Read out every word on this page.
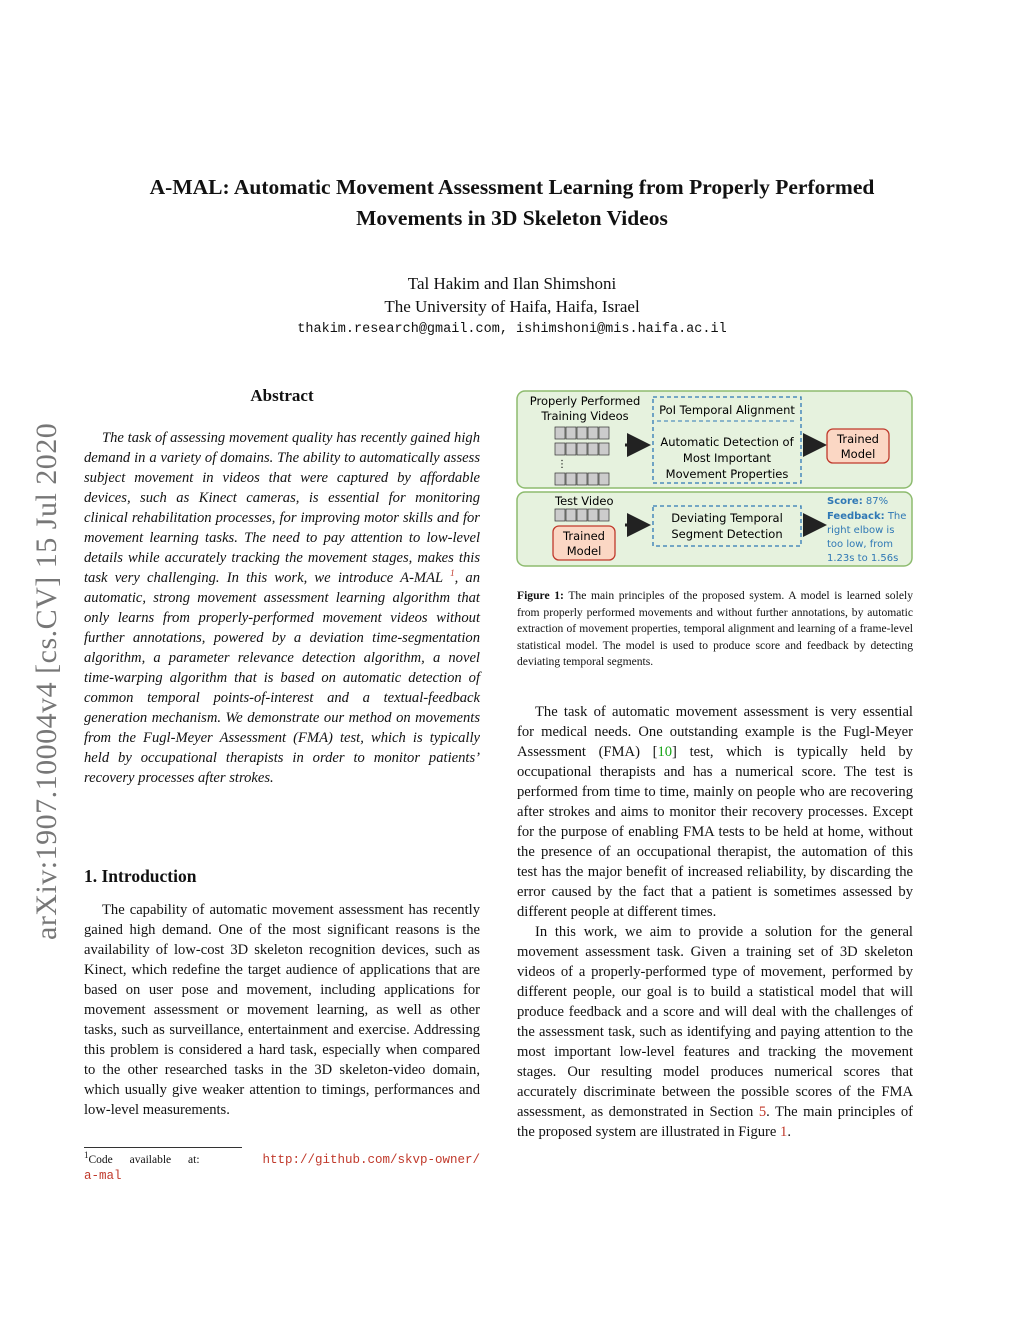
A-MAL: Automatic Movement Assessment Learning from Properly Performed
Movements in 3D Skeleton Videos
Tal Hakim and Ilan Shimshoni
The University of Haifa, Haifa, Israel
thakim.research@gmail.com, ishimshoni@mis.haifa.ac.il
arXiv:1907.10004v4 [cs.CV] 15 Jul 2020
Abstract

The task of assessing movement quality has recently gained high demand in a variety of domains. The ability to automatically assess subject movement in videos that were captured by affordable devices, such as Kinect cameras, is essential for monitoring clinical rehabilitation processes, for improving motor skills and for movement learning tasks. The need to pay attention to low-level details while accurately tracking the movement stages, makes this task very challenging. In this work, we introduce A-MAL $^1$, an automatic, strong movement assessment learning algorithm that only learns from properly-performed movement videos without further annotations, powered by a deviation time-segmentation algorithm, a parameter relevance detection algorithm, a novel time-warping algorithm that is based on automatic detection of common temporal points-of-interest and a textual-feedback generation mechanism. We demonstrate our method on movements from the Fugl-Meyer Assessment (FMA) test, which is typically held by occupational therapists in order to monitor patients’ recovery processes after strokes.

1. Introduction

The capability of automatic movement assessment has recently gained high demand. One of the most significant reasons is the availability of low-cost 3D skeleton recognition devices, such as Kinect, which redefine the target audience of applications that are based on user pose and movement, including applications for movement assessment or movement learning, as well as other tasks, such as surveillance, entertainment and exercise. Addressing this problem is considered a hard task, especially when compared to the other researched tasks in the 3D skeleton-video domain, which usually give weaker attention to timings, performances and low-level measurements.

$^1$Code available at:	http://github.com/skvp-owner/
a-mal
Properly Performed
Training Videos
⋮
PoI Temporal Alignment
Automatic Detection of
Most Important
Movement Properties
Trained
Model
Test Video
Trained
Model
Deviating Temporal
Segment Detection
Score: 87%
Feedback: The
right elbow is
too low, from
1.23s to 1.56s
Figure 1: The main principles of the proposed system. A model is learned solely from properly performed movements and without further annotations, by automatic extraction of movement properties, temporal alignment and learning of a frame-level statistical model. The model is used to produce score and feedback by detecting deviating temporal segments.

The task of automatic movement assessment is very essential for medical needs. One outstanding example is the Fugl-Meyer Assessment (FMA) [10] test, which is typically held by occupational therapists and has a numerical score. The test is performed from time to time, mainly on people who are recovering after strokes and aims to monitor their recovery processes. Except for the purpose of enabling FMA tests to be held at home, without the presence of an occupational therapist, the automation of this test has the major benefit of increased reliability, by discarding the error caused by the fact that a patient is sometimes assessed by different people at different times.

In this work, we aim to provide a solution for the general movement assessment task. Given a training set of 3D skeleton videos of a properly-performed type of movement, performed by different people, our goal is to build a statistical model that will produce feedback and a score and will deal with the challenges of the assessment task, such as identifying and paying attention to the most important low-level features and tracking the movement stages. Our resulting model produces numerical scores that accurately discriminate between the possible scores of the FMA assessment, as demonstrated in Section 5. The main principles of the proposed system are illustrated in Figure 1.
